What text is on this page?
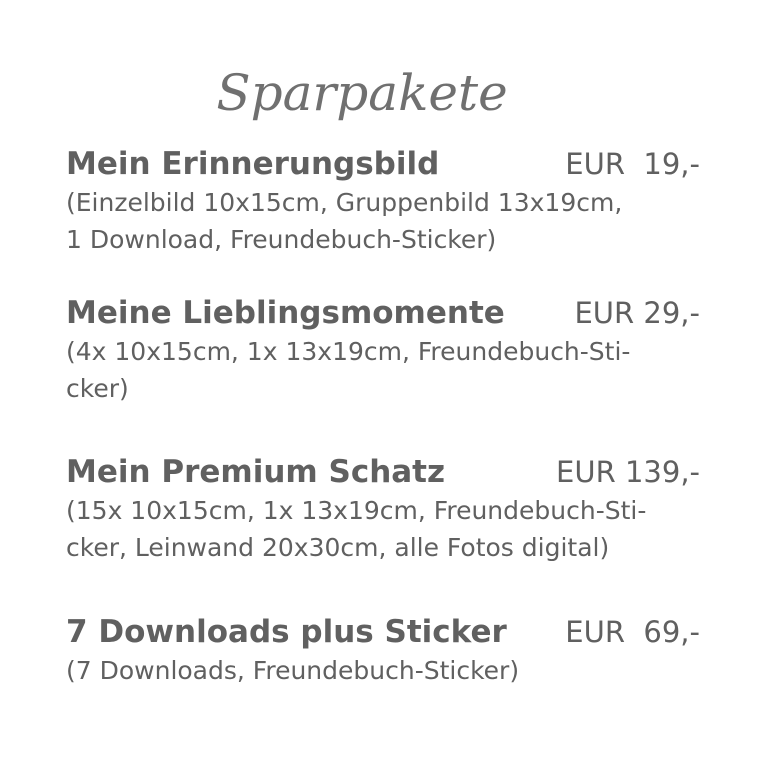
Sparpakete
Mein Erinnerungsbild	EUR  19,-
(Einzelbild 10x15cm, Gruppenbild 13x19cm,
1 Download, Freundebuch-Sticker)
Meine Lieblingsmomente EUR 29,-
(4x 10x15cm, 1x 13x19cm, Freundebuch-Sti-
cker)
Mein Premium Schatz	EUR 139,-
(15x 10x15cm, 1x 13x19cm, Freundebuch-Sti-
cker, Leinwand 20x30cm, alle Fotos digital)
7 Downloads plus Sticker EUR  69,-
(7 Downloads, Freundebuch-Sticker)
